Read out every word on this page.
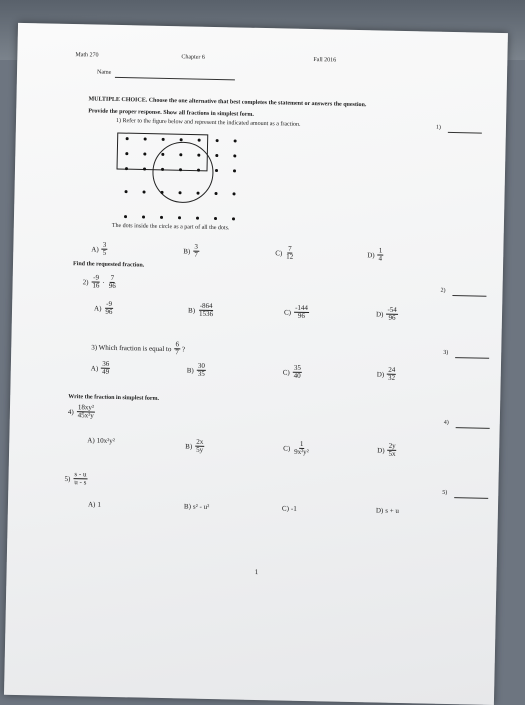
Math 270	Chapter 6	Fall 2016
Name
MULTIPLE CHOICE. Choose the one alternative that best completes the statement or answers the question.
Provide the proper response. Show all fractions in simplest form.
1) Refer to the figure below and represent the indicated amount as a fraction.	1)
The dots inside the circle as a part of all the dots.
$A) \frac{3}{5}$	$B) \frac{3}{7}$	$C) \frac{7}{12}$	$D) \frac{1}{4}$
Find the requested fraction.
$2) \frac{-9}{16} \cdot \frac{7}{96}$
2)
$A) \frac{-9}{96}$	$B) \frac{-864}{1536}$	$C) \frac{-144}{96}$	$D) \frac{-54}{96}$
3) Which fraction is equal to $\frac{6}{7}$ ?	3)
$A) \frac{36}{49}$	$B) \frac{30}{35}$	$C) \frac{35}{40}$	$D) \frac{24}{32}$
Write the fraction in simplest form.
$4) \frac{\text{18xy²}}{\text{45x²y}}$
4)
A) 10x²y²
$B) \frac{2x}{5y}$	$C) \frac{1}{\text{9x²y²}}$	$D) \frac{2y}{5x}$
$5) \frac{s - u}{u - s}$
5)
A) 1	B) s² - u²	C) -1	D) s + u
1
